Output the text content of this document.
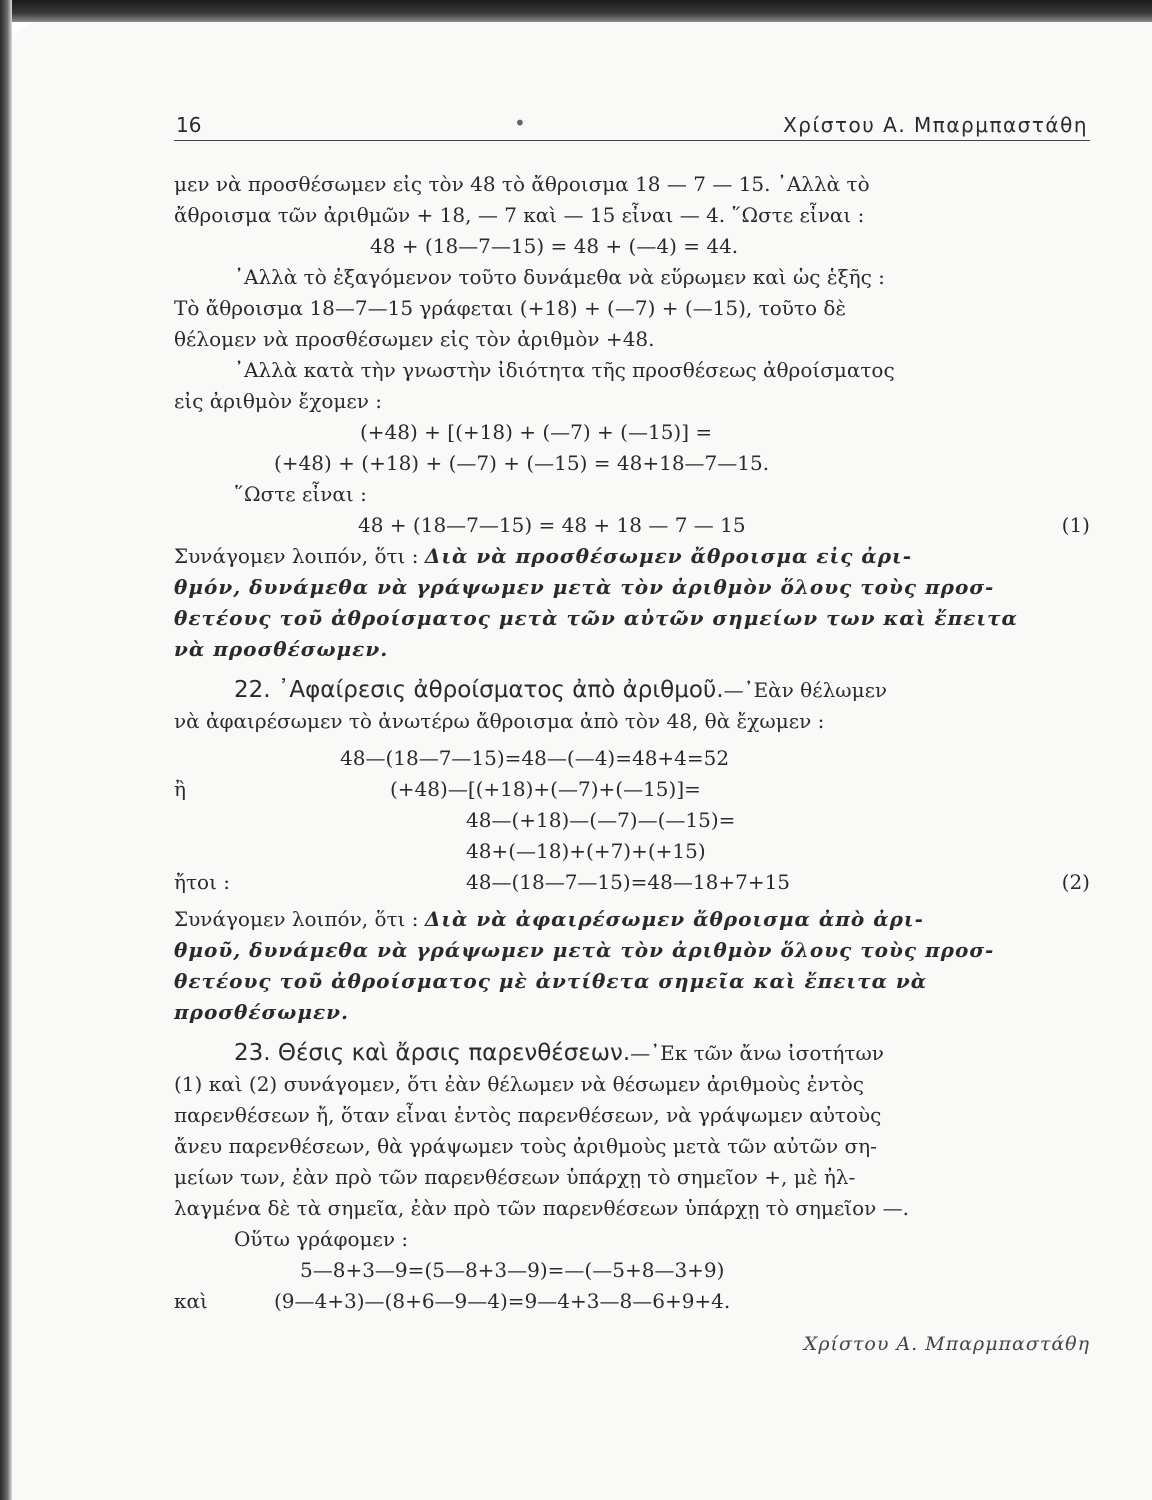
16	•	Χρίστου Α. Μπαρμπαστάθη

μεν νὰ προσθέσωμεν εἰς τὸν 48 τὸ ἄθροισμα 18 — 7 — 15. ᾿Αλλὰ τὸ

ἄθροισμα τῶν ἀριθμῶν + 18, — 7 καὶ — 15 εἶναι — 4. ῞Ωστε εἶναι :

48 + (18—7—15) = 48 + (—4) = 44.

᾿Αλλὰ τὸ ἐξαγόμενον τοῦτο δυνάμεθα νὰ εὕρωμεν καὶ ὡς ἑξῆς :

Τὸ ἄθροισμα 18—7—15 γράφεται (+18) + (—7) + (—15), τοῦτο δὲ

θέλομεν νὰ προσθέσωμεν εἰς τὸν ἀριθμὸν +48.

᾿Αλλὰ κατὰ τὴν γνωστὴν ἰδιότητα τῆς προσθέσεως ἀθροίσματος

εἰς ἀριθμὸν ἔχομεν :

(+48) + [(+18) + (—7) + (—15)] =
(+48) + (+18) + (—7) + (—15) = 48+18—7—15.

῞Ωστε εἶναι :

48 + (18—7—15) = 48 + 18 — 7 — 15	(1)

Συνάγομεν λοιπόν, ὅτι : Διὰ νὰ προσθέσωμεν ἄθροισμα εἰς ἀρι-

θμόν, δυνάμεθα νὰ γράψωμεν μετὰ τὸν ἀριθμὸν ὅλους τοὺς προσ-

θετέους τοῦ ἀθροίσματος μετὰ τῶν αὐτῶν σημείων των καὶ ἔπειτα

νὰ προσθέσωμεν.

22. ᾿Αφαίρεσις ἀθροίσματος ἀπὸ ἀριθμοῦ.—᾿Εὰν θέλωμεν

νὰ ἀφαιρέσωμεν τὸ ἀνωτέρω ἄθροισμα ἀπὸ τὸν 48, θὰ ἔχωμεν :

48—(18—7—15)=48—(—4)=48+4=52
ἢ	(+48)—[(+18)+(—7)+(—15)]=
48—(+18)—(—7)—(—15)=
48+(—18)+(+7)+(+15)
ἤτοι :	48—(18—7—15)=48—18+7+15	(2)

Συνάγομεν λοιπόν, ὅτι : Διὰ νὰ ἀφαιρέσωμεν ἄθροισμα ἀπὸ ἀρι-

θμοῦ, δυνάμεθα νὰ γράψωμεν μετὰ τὸν ἀριθμὸν ὅλους τοὺς προσ-

θετέους τοῦ ἀθροίσματος μὲ ἀντίθετα σημεῖα καὶ ἔπειτα νὰ

προσθέσωμεν.

23. Θέσις καὶ ἄρσις παρενθέσεων.—᾿Εκ τῶν ἄνω ἰσοτήτων

(1) καὶ (2) συνάγομεν, ὅτι ἐὰν θέλωμεν νὰ θέσωμεν ἀριθμοὺς ἐντὸς

παρενθέσεων ἤ, ὅταν εἶναι ἐντὸς παρενθέσεων, νὰ γράψωμεν αὐτοὺς

ἄνευ παρενθέσεων, θὰ γράψωμεν τοὺς ἀριθμοὺς μετὰ τῶν αὐτῶν ση-

μείων των, ἐὰν πρὸ τῶν παρενθέσεων ὑπάρχῃ τὸ σημεῖον +, μὲ ἠλ-

λαγμένα δὲ τὰ σημεῖα, ἐὰν πρὸ τῶν παρενθέσεων ὑπάρχῃ τὸ σημεῖον —.

Οὕτω γράφομεν :

5—8+3—9=(5—8+3—9)=—(—5+8—3+9)
καὶ	(9—4+3)—(8+6—9—4)=9—4+3—8—6+9+4.
Χρίστου Α. Μπαρμπαστάθη
